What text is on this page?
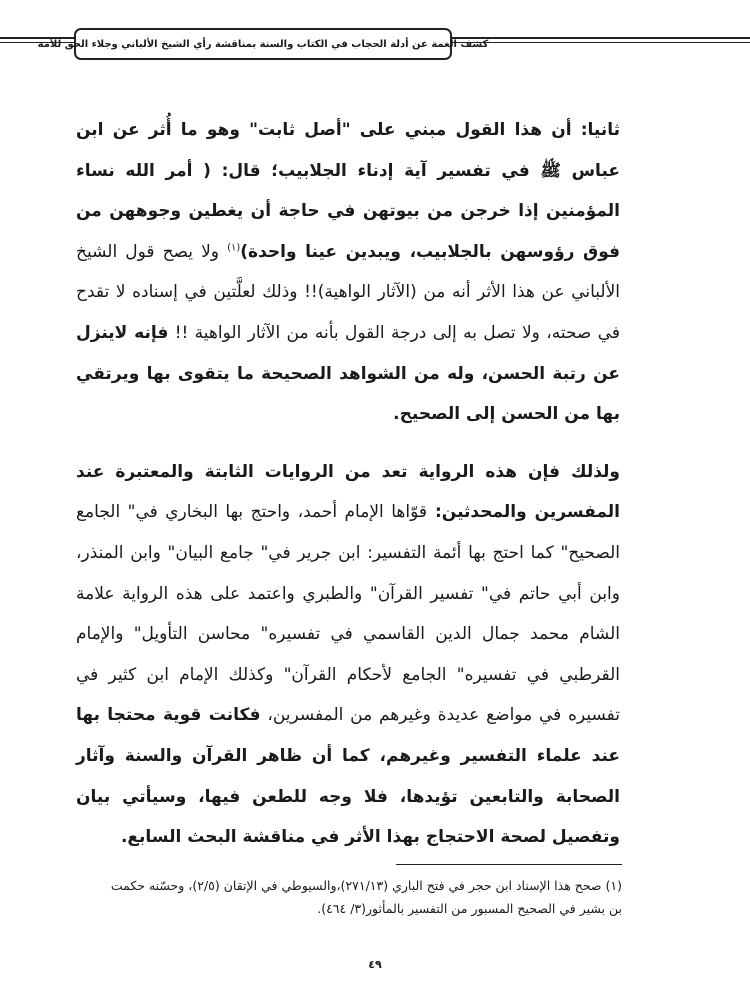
كشف الغمة عن أدلة الحجاب في الكتاب والسنة بمناقشة رأي الشيخ الألباني وجلاء الحق للأمة

ثانيا: أن هذا القول مبني على "أصل ثابت" وهو ما أُثر عن ابن عباس ﷺ في تفسير آية إدناء الجلابيب؛ قال: ( أمر الله نساء المؤمنين إذا خرجن من بيوتهن في حاجة أن يغطين وجوههن من فوق رؤوسهن بالجلابيب، ويبدين عينا واحدة)$^{(١)}$ ولا يصح قول الشيخ الألباني عن هذا الأثر أنه من (الآثار الواهية)!! وذلك لعلَّتين في إسناده لا تقدح في صحته، ولا تصل به إلى درجة القول بأنه من الآثار الواهية !! فإنه لاينزل عن رتبة الحسن، وله من الشواهد الصحيحة ما يتقوى بها ويرتقي بها من الحسن إلى الصحيح.

ولذلك فإن هذه الرواية تعد من الروايات الثابتة والمعتبرة عند المفسرين والمحدثين: قوّاها الإمام أحمد، واحتج بها البخاري في" الجامع الصحيح" كما احتج بها أئمة التفسير: ابن جرير في" جامع البيان" وابن المنذر، وابن أبي حاتم في" تفسير القرآن" والطبري واعتمد على هذه الرواية علامة الشام محمد جمال الدين القاسمي في تفسيره" محاسن التأويل" والإمام القرطبي في تفسيره" الجامع لأحكام القرآن" وكذلك الإمام ابن كثير في تفسيره في مواضع عديدة وغيرهم من المفسرين، فكانت قوية محتجا بها عند علماء التفسير وغيرهم، كما أن ظاهر القرآن والسنة وآثار الصحابة والتابعين تؤيدها، فلا وجه للطعن فيها، وسيأتي بيان وتفصيل لصحة الاحتجاج بهذا الأثر في مناقشة البحث السابع.

(١) صحح هذا الإسناد ابن حجر في فتح الباري (٢٧١/١٣)،والسيوطي في الإتقان (٢/٥)، وحسّنه حكمت

بن بشير في الصحيح المسبور من التفسير بالمأثور(٣/ ٤٦٤).

٤٩
